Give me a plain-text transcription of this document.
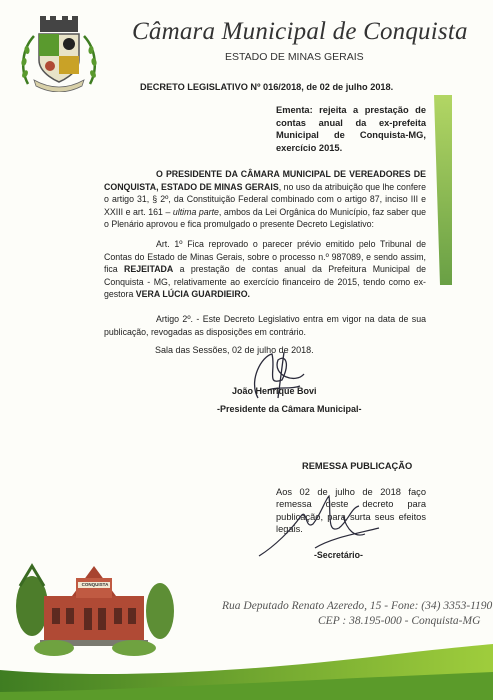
Câmara Municipal de Conquista
ESTADO DE MINAS GERAIS
DECRETO LEGISLATIVO Nº 016/2018, de 02 de julho 2018.
Ementa: rejeita a prestação de contas anual da ex-prefeita Municipal de Conquista-MG, exercício 2015.
O PRESIDENTE DA CÂMARA MUNICIPAL DE VEREADORES DE CONQUISTA, ESTADO DE MINAS GERAIS, no uso da atribuição que lhe confere o artigo 31, § 2º, da Constituição Federal combinado com o artigo 87, inciso III e XXIII e art. 161 – ultima parte, ambos da Lei Orgânica do Município, faz saber que o Plenário aprovou e fica promulgado o presente Decreto Legislativo:
Art. 1º Fica reprovado o parecer prévio emitido pelo Tribunal de Contas do Estado de Minas Gerais, sobre o processo n.º 987089, e sendo assim, fica REJEITADA a prestação de contas anual da Prefeitura Municipal de Conquista - MG, relativamente ao exercício financeiro de 2015, tendo como ex-gestora VERA LÚCIA GUARDIEIRO.
Artigo 2º. - Este Decreto Legislativo entra em vigor na data de sua publicação, revogadas as disposições em contrário.
Sala das Sessões, 02 de julho de 2018.
João Henrique Bovi
-Presidente da Câmara Municipal-
REMESSA PUBLICAÇÃO
Aos 02 de julho de 2018 faço remessa deste decreto para publicação, para surta seus efeitos legais.
-Secretário-
CONQUISTA
Rua Deputado Renato Azeredo, 15 - Fone: (34) 3353-1190
CEP : 38.195-000 - Conquista-MG
